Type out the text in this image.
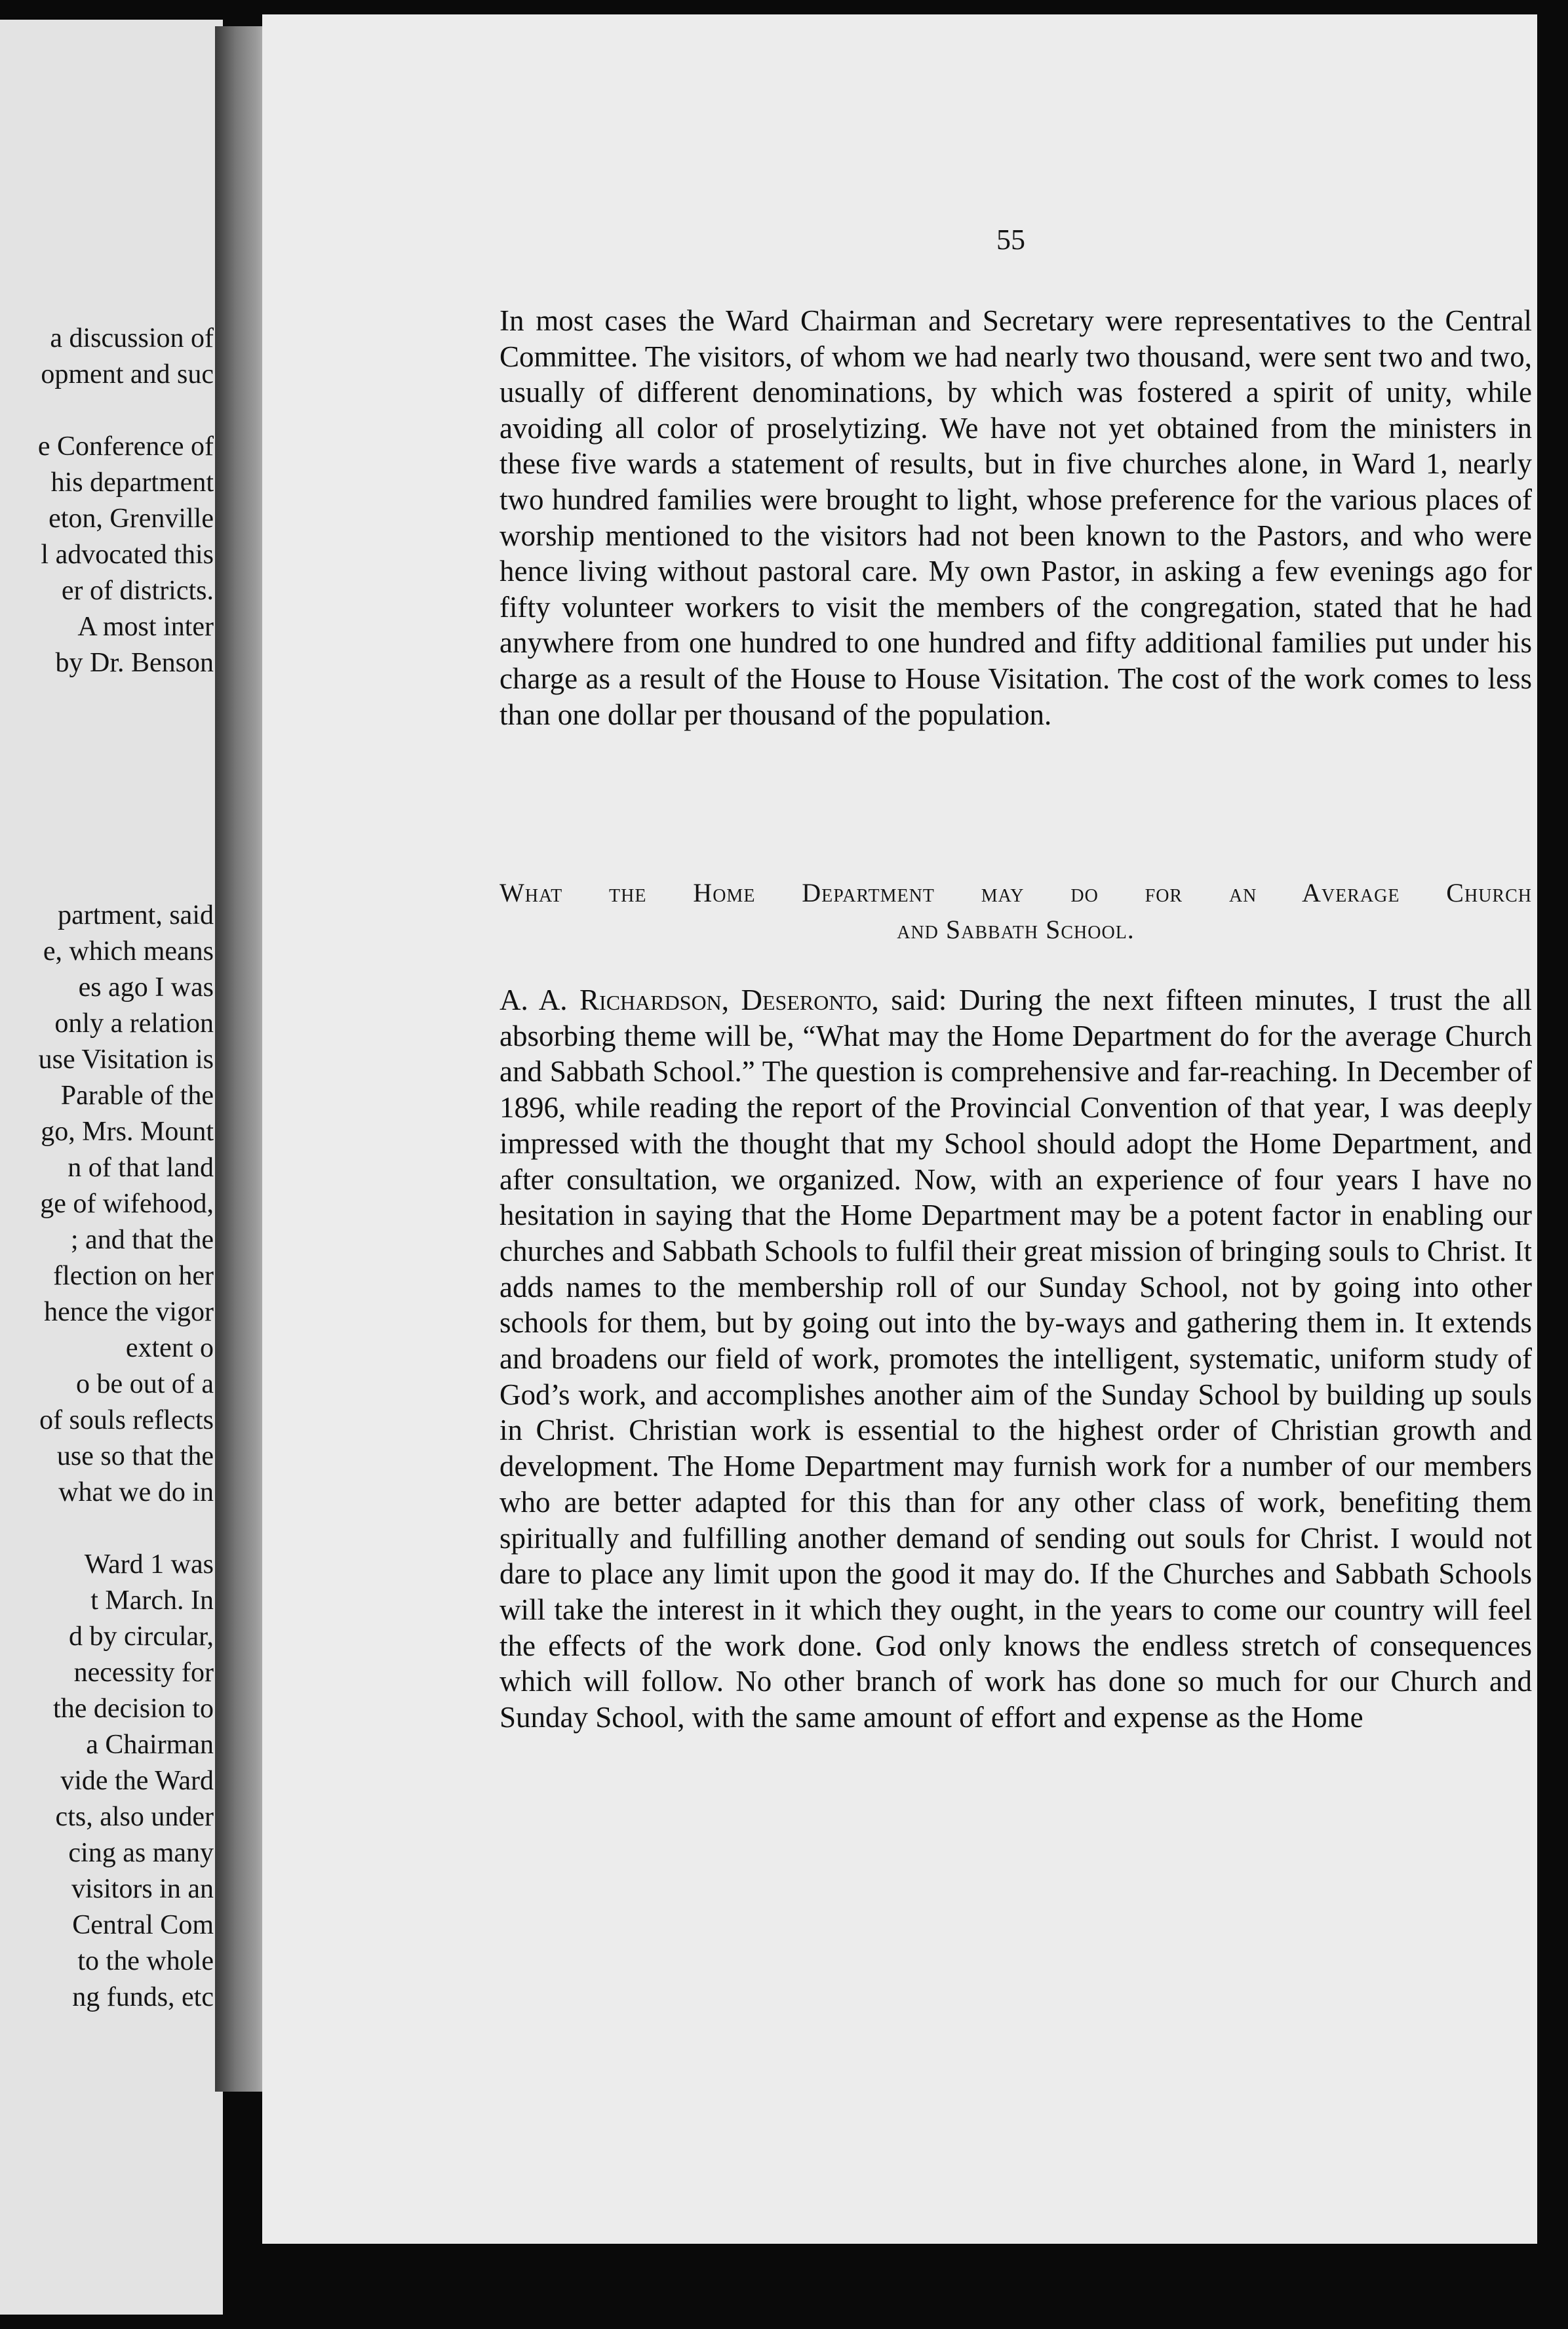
a discussion of
opment and suc
e Conference of
his department
eton, Grenville
l advocated this
er of districts.
A most inter
by Dr. Benson
partment, said
e, which means
es ago I was
only a relation
use Visitation is
Parable of the
go, Mrs. Mount
n of that land
ge of wifehood,
; and that the
flection on her
hence the vigor
extent o
o be out of a
of souls reflects
use so that the
what we do in
Ward 1 was
t March. In
d by circular,
necessity for
the decision to
a Chairman
vide the Ward
cts, also under
cing as many
visitors in an
Central Com
to the whole
ng funds, etc
55

In most cases the Ward Chairman and Secretary were representatives to the Central Committee. The visitors, of whom we had nearly two thousand, were sent two and two, usually of different denominations, by which was fostered a spirit of unity, while avoiding all color of proselytizing. We have not yet obtained from the ministers in these five wards a statement of results, but in five churches alone, in Ward 1, nearly two hundred families were brought to light, whose preference for the various places of worship mentioned to the visitors had not been known to the Pastors, and who were hence living without pastoral care. My own Pastor, in asking a few evenings ago for fifty volunteer workers to visit the members of the congregation, stated that he had anywhere from one hundred to one hundred and fifty additional families put under his charge as a result of the House to House Visitation. The cost of the work comes to less than one dollar per thousand of the population.

What the Home Department may do for an Average Church
and Sabbath School.

A. A. Richardson, Deseronto, said: During the next fifteen minutes, I trust the all absorbing theme will be, “What may the Home Department do for the average Church and Sabbath School.” The question is comprehensive and far-reaching. In December of 1896, while reading the report of the Provincial Convention of that year, I was deeply impressed with the thought that my School should adopt the Home Department, and after consultation, we organized. Now, with an experience of four years I have no hesitation in saying that the Home Department may be a potent factor in enabling our churches and Sabbath Schools to fulfil their great mission of bringing souls to Christ. It adds names to the membership roll of our Sunday School, not by going into other schools for them, but by going out into the by-ways and gathering them in. It extends and broadens our field of work, promotes the intelligent, systematic, uniform study of God’s work, and accomplishes another aim of the Sunday School by building up souls in Christ. Christian work is essential to the highest order of Christian growth and development. The Home Department may furnish work for a number of our members who are better adapted for this than for any other class of work, benefiting them spiritually and fulfilling another demand of sending out souls for Christ. I would not dare to place any limit upon the good it may do. If the Churches and Sabbath Schools will take the interest in it which they ought, in the years to come our country will feel the effects of the work done. God only knows the endless stretch of consequences which will follow. No other branch of work has done so much for our Church and Sunday School, with the same amount of effort and expense as the Home
